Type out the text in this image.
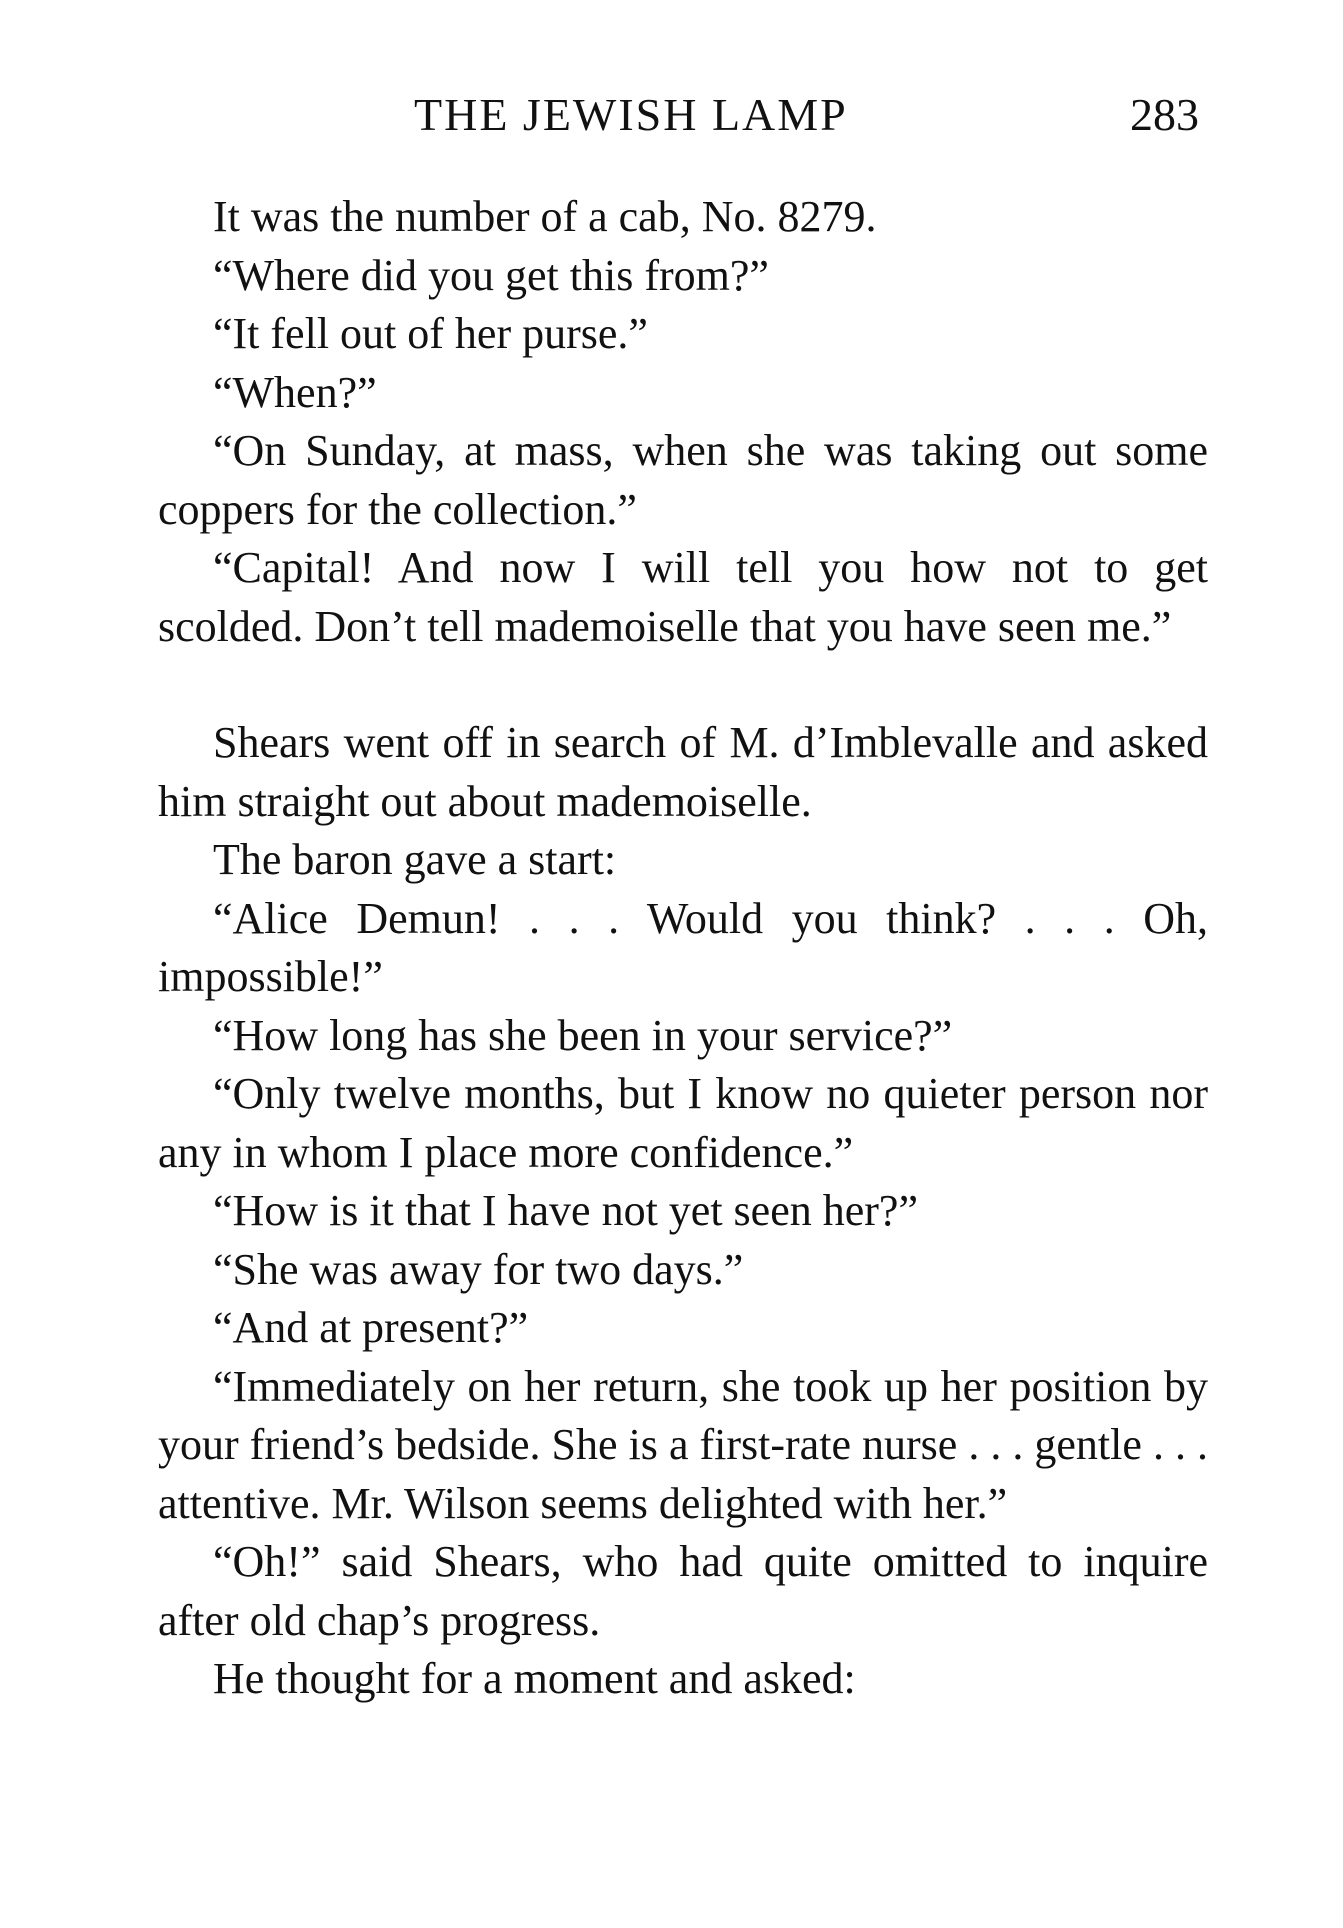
THE JEWISH LAMP	283

It was the number of a cab, No. 8279.

“Where did you get this from?”

“It fell out of her purse.”

“When?”

“On Sunday, at mass, when she was taking out some coppers for the collection.”

“Capital! And now I will tell you how not to get scolded. Don’t tell mademoiselle that you have seen me.”

Shears went off in search of M. d’Imblevalle and asked him straight out about mademoiselle.

The baron gave a start:

“Alice Demun! . . . Would you think? . . . Oh, impossible!”

“How long has she been in your service?”

“Only twelve months, but I know no quieter person nor any in whom I place more confidence.”

“How is it that I have not yet seen her?”

“She was away for two days.”

“And at present?”

“Immediately on her return, she took up her position by your friend’s bedside. She is a first-rate nurse . . . gentle . . . attentive. Mr. Wilson seems delighted with her.”

“Oh!” said Shears, who had quite omitted to inquire after old chap’s progress.

He thought for a moment and asked:
